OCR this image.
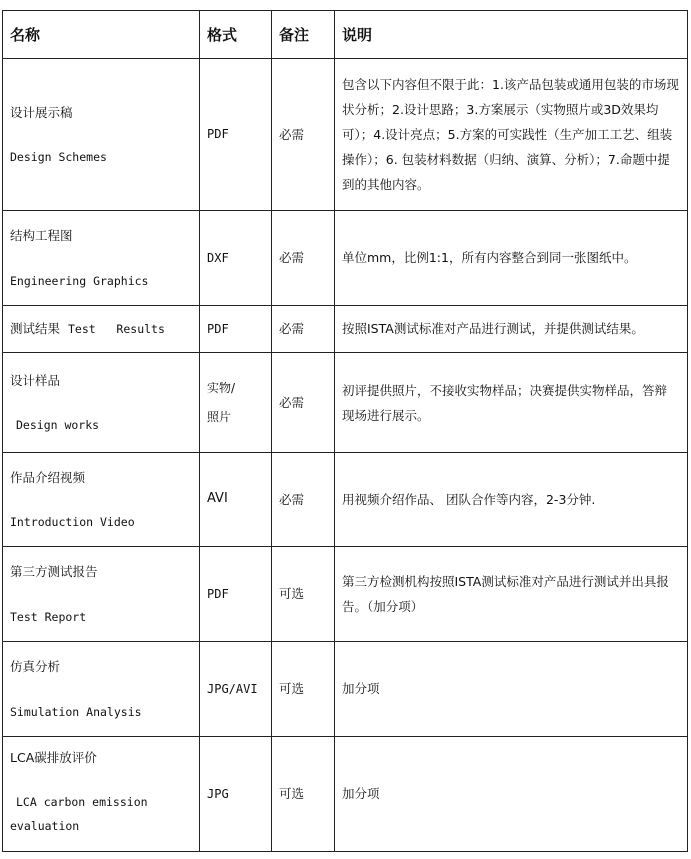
名称	格式	备注	说明

设计展示稿
Design Schemes	PDF	必需	包含以下内容但不限于此：1.该产品包装或通用包装的市场现状分析；2.设计思路；3.方案展示（实物照片或3D效果均可）；4.设计亮点；5.方案的可实践性（生产加工工艺、组装操作）；6. 包装材料数据（归纳、演算、分析）；7.命题中提到的其他内容。

结构工程图
Engineering Graphics	DXF	必需	单位mm，比例1:1，所有内容整合到同一张图纸中。
测试结果 Test   Results	PDF	必需	按照ISTA测试标准对产品进行测试，并提供测试结果。

设计样品
Design works	实物/
照片	必需	初评提供照片，不接收实物样品；决赛提供实物样品，答辩现场进行展示。

作品介绍视频
Introduction Video	AVI	必需	用视频介绍作品、 团队合作等内容，2-3分钟.

第三方测试报告
Test Report	PDF	可选	第三方检测机构按照ISTA测试标准对产品进行测试并出具报告。（加分项）

仿真分析
Simulation Analysis	JPG/AVI	可选	加分项

LCA碳排放评价
LCA carbon emission
evaluation	JPG	可选	加分项
